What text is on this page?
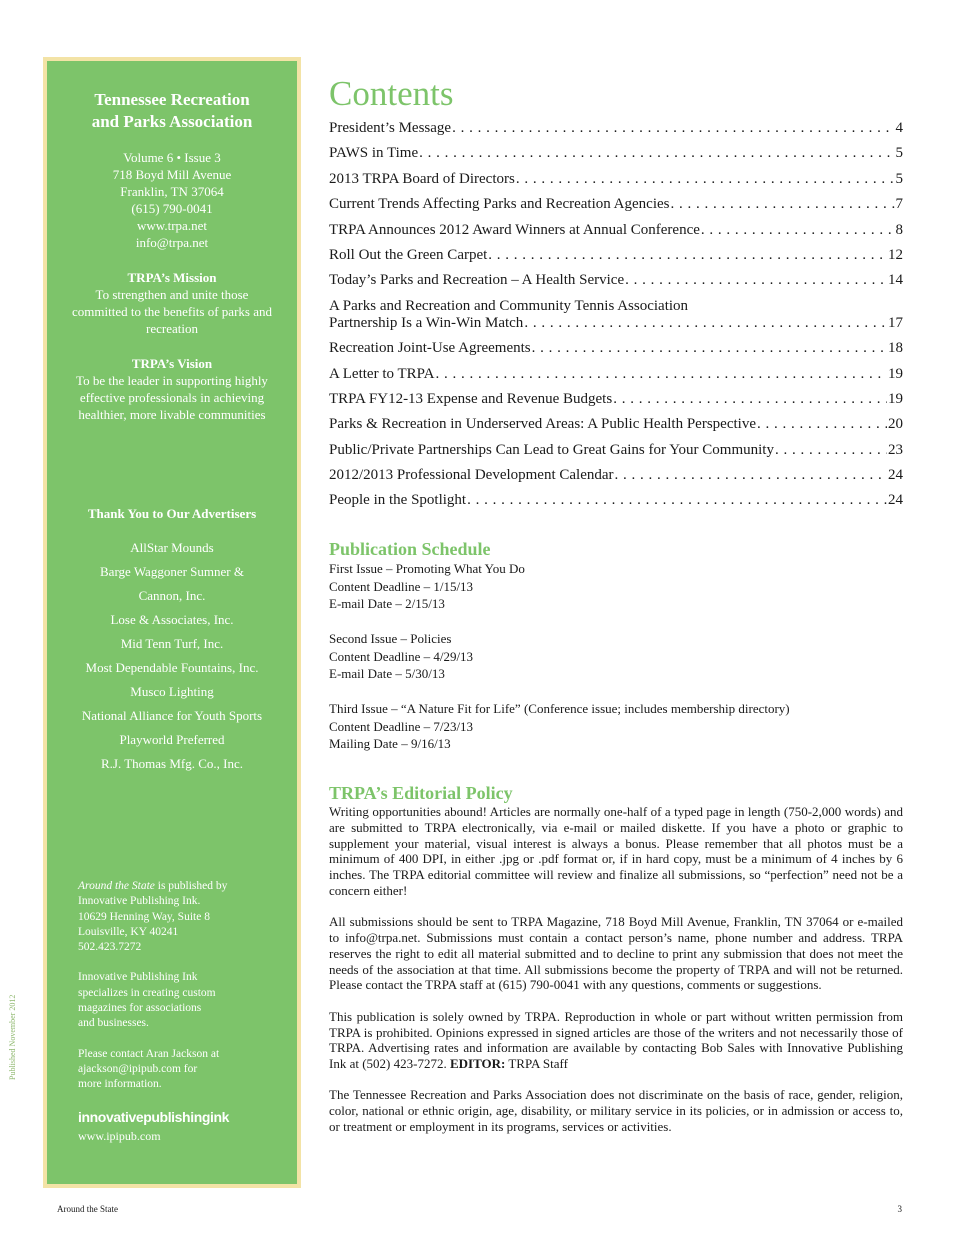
Tennessee Recreation
and Parks Association
Volume 6 • Issue 3
718 Boyd Mill Avenue
Franklin, TN 37064
(615) 790-0041
www.trpa.net
info@trpa.net
TRPA’s Mission
To strengthen and unite those committed to the benefits of parks and recreation
TRPA’s Vision
To be the leader in supporting highly effective professionals in achieving healthier, more livable communities
Thank You to Our Advertisers
AllStar Mounds
Barge Waggoner Sumner &
Cannon, Inc.
Lose & Associates, Inc.
Mid Tenn Turf, Inc.
Most Dependable Fountains, Inc.
Musco Lighting
National Alliance for Youth Sports
Playworld Preferred
R.J. Thomas Mfg. Co., Inc.

Around the State is published by
Innovative Publishing Ink.
10629 Henning Way, Suite 8
Louisville, KY 40241
502.423.7272

Innovative Publishing Ink
specializes in creating custom
magazines for associations
and businesses.

Please contact Aran Jackson at
ajackson@ipipub.com for
more information.

innovativepublishingink
www.ipipub.com
Published November 2012
Contents
President’s Message . . .	4
PAWS in Time . . .	5
2013 TRPA Board of Directors . . .	5
Current Trends Affecting Parks and Recreation Agencies . . .	7
TRPA Announces 2012 Award Winners at Annual Conference . . .	8
Roll Out the Green Carpet . . .	12
Today’s Parks and Recreation – A Health Service . . .	14
A Parks and Recreation and Community Tennis Association
Partnership Is a Win-Win Match . . .	17
Recreation Joint-Use Agreements . . .	18
A Letter to TRPA . . .	19
TRPA FY12-13 Expense and Revenue Budgets . . .	19
Parks & Recreation in Underserved Areas: A Public Health Perspective . . .	20
Public/Private Partnerships Can Lead to Great Gains for Your Community . . .	23
2012/2013 Professional Development Calendar . . .	24
People in the Spotlight . . .	24
Publication Schedule
First Issue – Promoting What You Do
Content Deadline – 1/15/13
E-mail Date – 2/15/13
Second Issue – Policies
Content Deadline – 4/29/13
E-mail Date – 5/30/13
Third Issue – “A Nature Fit for Life” (Conference issue; includes membership directory)
Content Deadline – 7/23/13
Mailing Date – 9/16/13
TRPA’s Editorial Policy

Writing opportunities abound! Articles are normally one-half of a typed page in length (750-2,000 words) and are submitted to TRPA electronically, via e-mail or mailed diskette. If you have a photo or graphic to supplement your material, visual interest is always a bonus. Please remember that all photos must be a minimum of 400 DPI, in either .jpg or .pdf format or, if in hard copy, must be a minimum of 4 inches by 6 inches. The TRPA editorial committee will review and finalize all submissions, so “perfection” need not be a concern either!

All submissions should be sent to TRPA Magazine, 718 Boyd Mill Avenue, Franklin, TN 37064 or e-mailed to info@trpa.net. Submissions must contain a contact person’s name, phone number and address. TRPA reserves the right to edit all material submitted and to decline to print any submission that does not meet the needs of the association at that time. All submissions become the property of TRPA and will not be returned. Please contact the TRPA staff at (615) 790-0041 with any questions, comments or suggestions.

This publication is solely owned by TRPA. Reproduction in whole or part without written permission from TRPA is prohibited. Opinions expressed in signed articles are those of the writers and not necessarily those of TRPA. Advertising rates and information are available by contacting Bob Sales with Innovative Publishing Ink at (502) 423-7272. EDITOR: TRPA Staff

The Tennessee Recreation and Parks Association does not discriminate on the basis of race, gender, religion, color, national or ethnic origin, age, disability, or military service in its policies, or in admission or access to, or treatment or employment in its programs, services or activities.

Around the State	3
